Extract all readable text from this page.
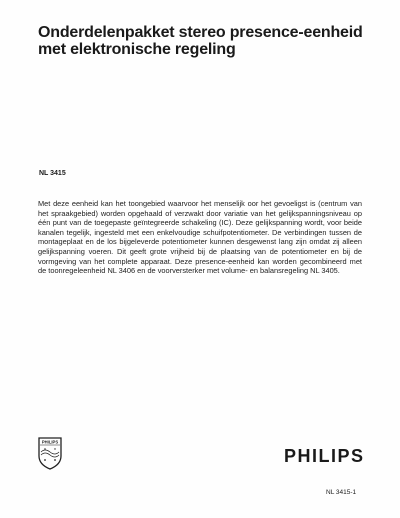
Onderdelenpakket stereo presence-eenheid met elektronische regeling
NL 3415

Met deze eenheid kan het toongebied waarvoor het menselijk oor het gevoeligst is (centrum van het spraakgebied) worden opgehaald of verzwakt door variatie van het gelijkspanningsniveau op één punt van de toegepaste geïntegreerde schakeling (IC). Deze gelijkspanning wordt, voor beide kanalen tegelijk, ingesteld met een enkelvoudige schuifpotentiometer. De verbindingen tussen de montageplaat en de los bijgeleverde potentiometer kunnen desgewenst lang zijn omdat zij alleen gelijkspanning voeren. Dit geeft grote vrijheid bij de plaatsing van de potentiometer en bij de vormgeving van het complete apparaat. Deze presence-eenheid kan worden gecombineerd met de toonregeleenheid NL 3406 en de voorversterker met volume- en balansregeling NL 3405.

PHILIPS
PHILIPS
NL 3415-1
